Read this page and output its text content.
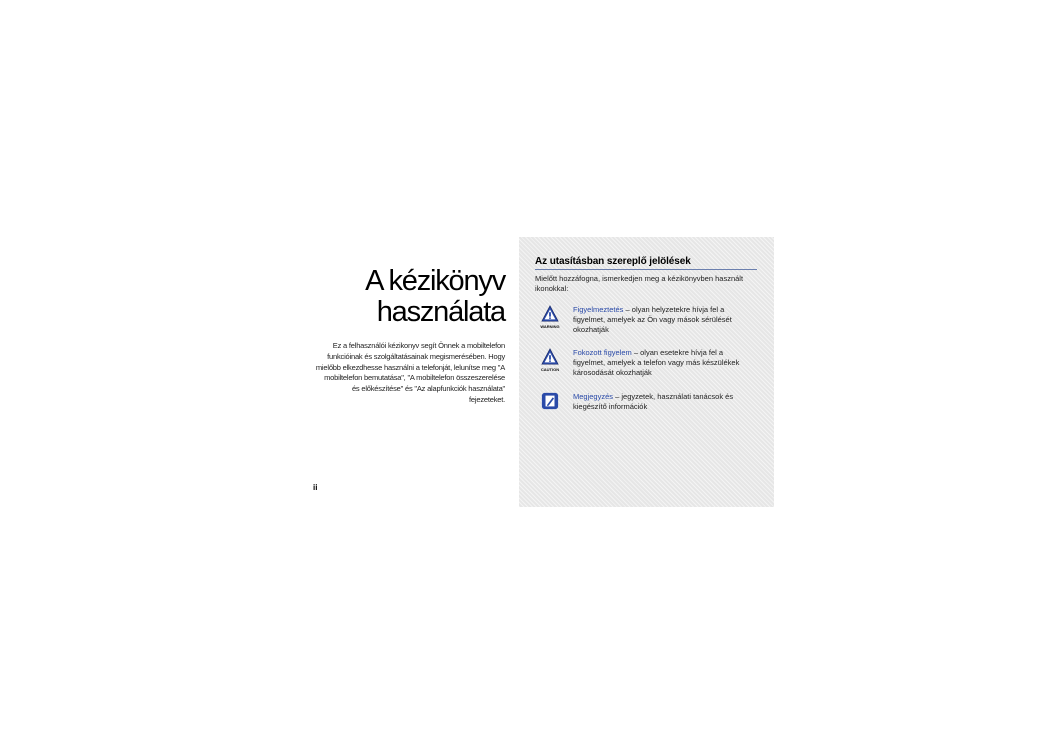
A kézikönyv
használata
Ez a felhasználói kézikonyv segít Önnek a mobiltelefon funkcióinak és szolgáltatásainak megismerésében. Hogy mielőbb elkezdhesse használni a telefonját, lelunítse meg "A mobiltelefon bemutatása", "A mobiltelefon összeszerelése és előkészítése" és "Az alapfunkciók használata" fejezeteket.
ii
Az utasításban szereplő jelölések
Mielőtt hozzáfogna, ismerkedjen meg a kézikönyvben használt ikonokkal:
WARNING
Figyelmeztetés – olyan helyzetekre hívja fel a figyelmet, amelyek az Ön vagy mások sérülését okozhatják
CAUTION
Fokozott figyelem – olyan esetekre hívja fel a figyelmet, amelyek a telefon vagy más készülékek károsodását okozhatják
Megjegyzés – jegyzetek, használati tanácsok és kiegészítő információk
